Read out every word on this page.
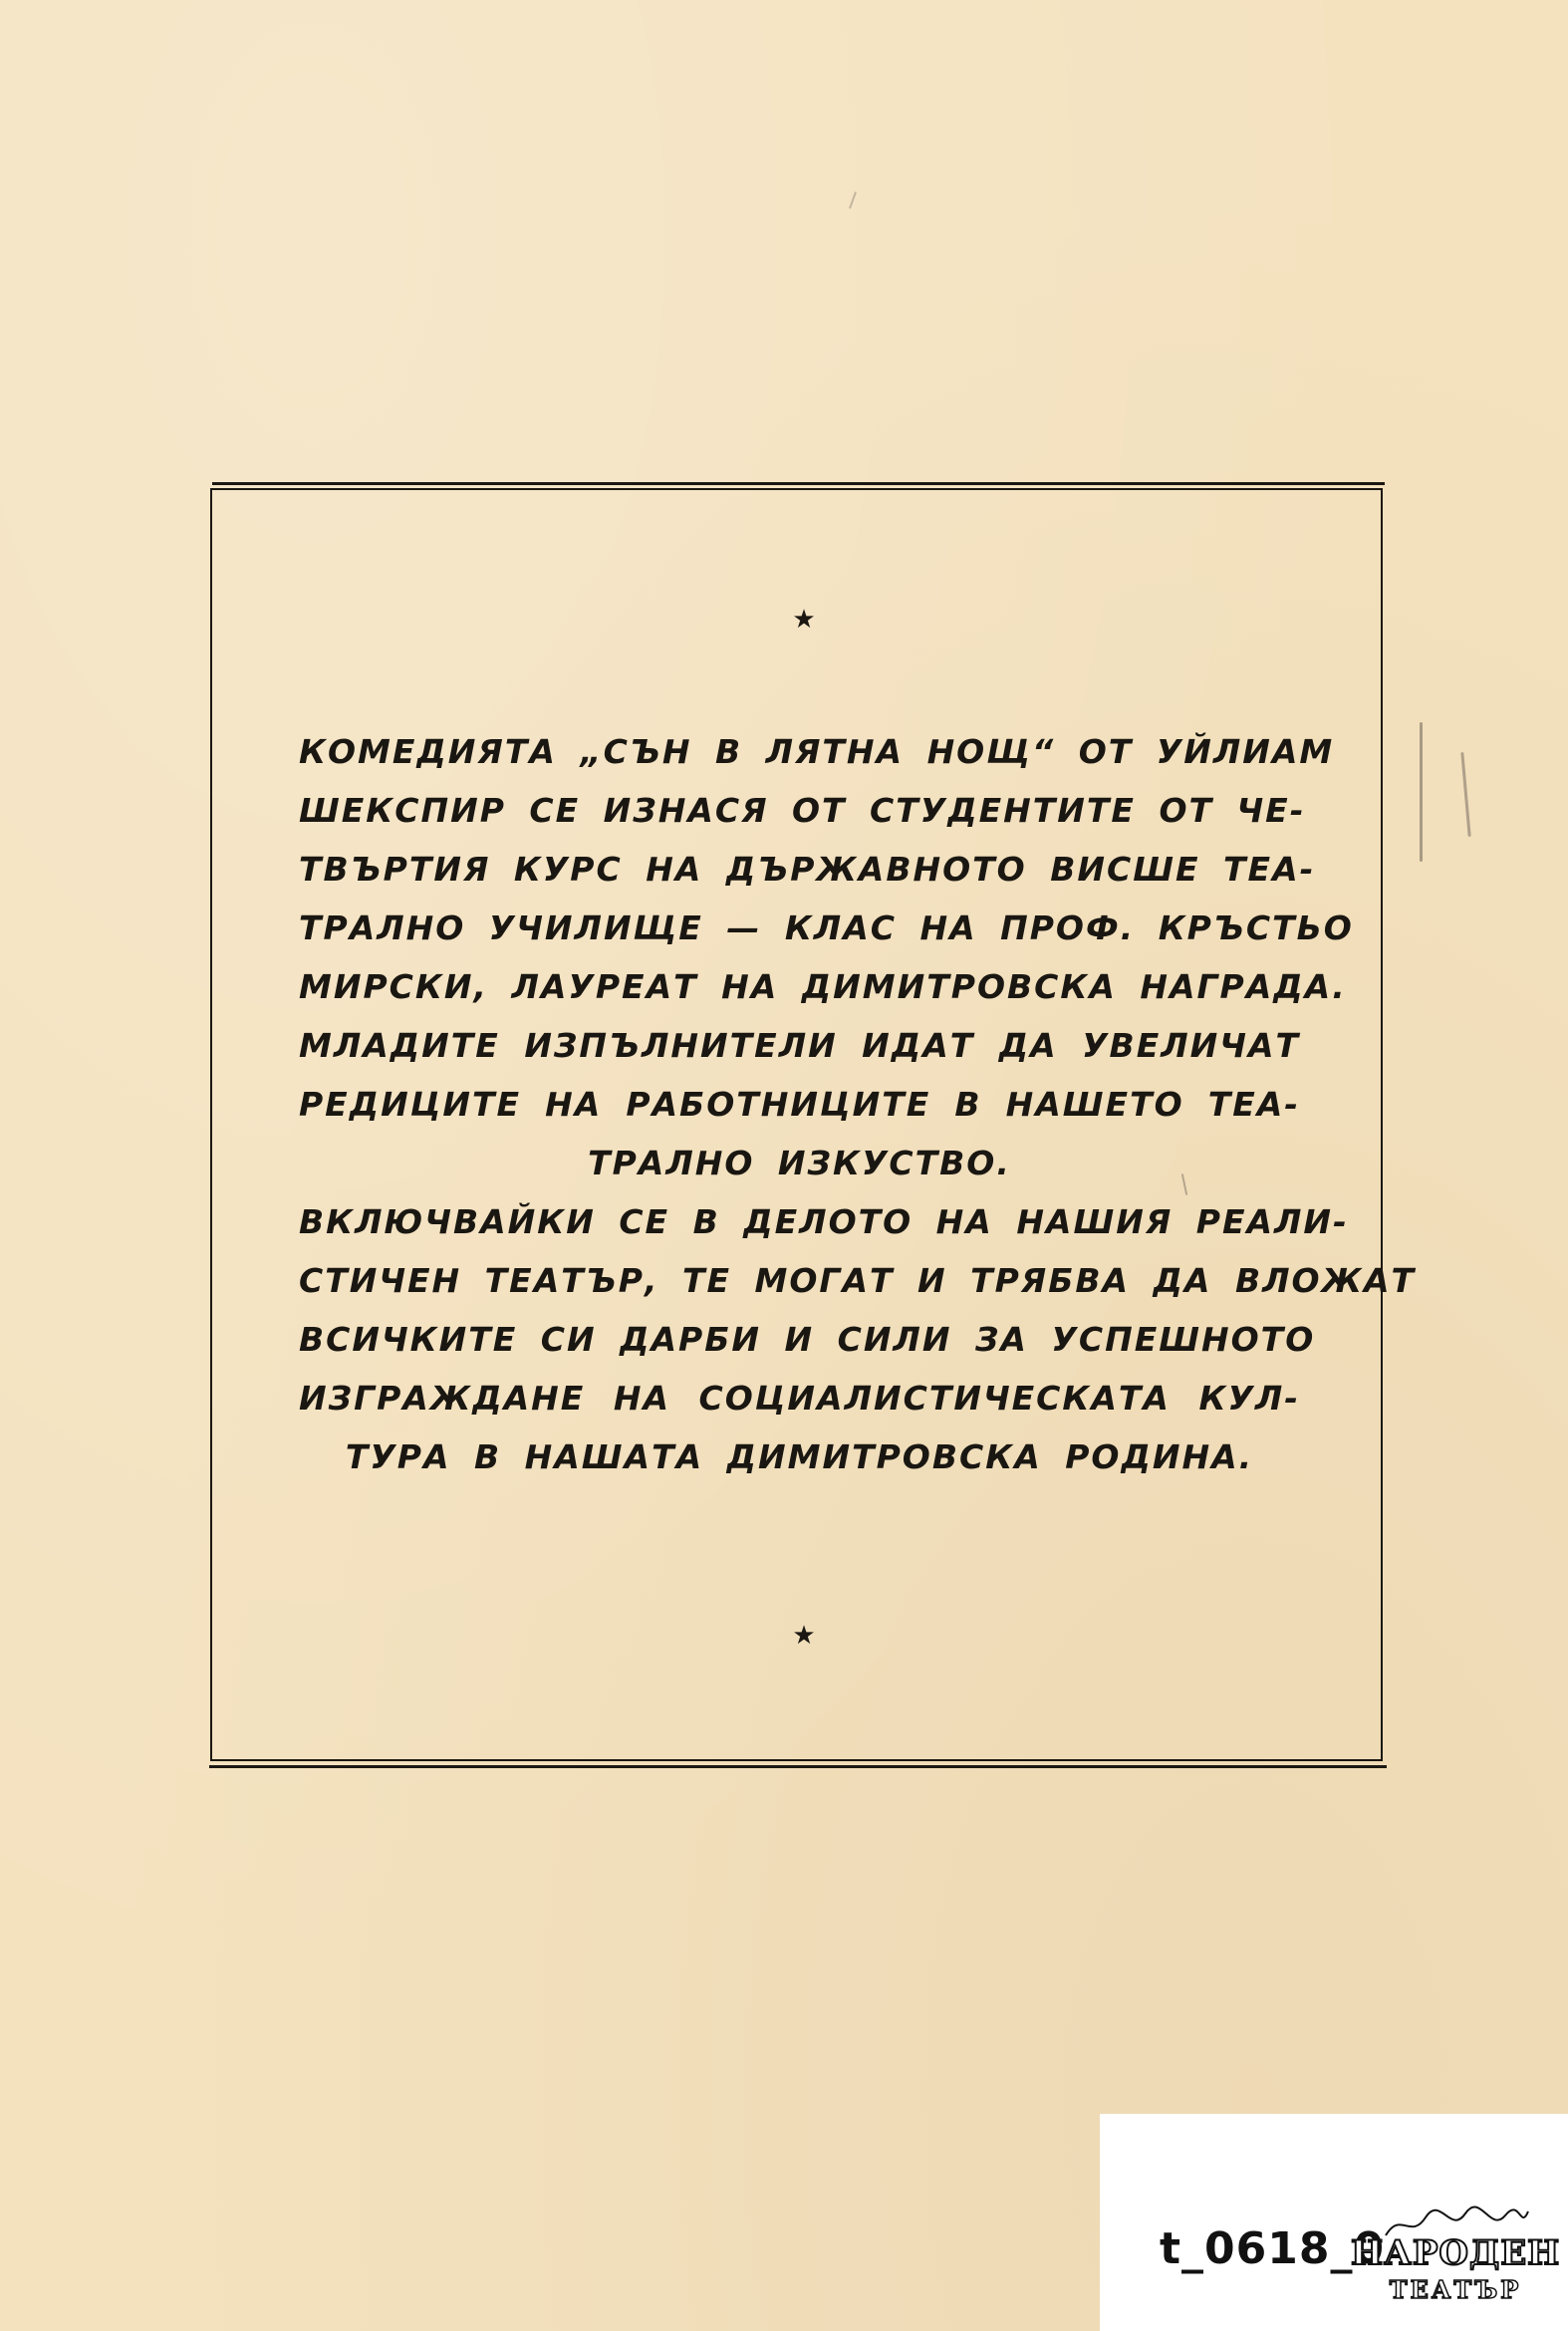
★
КОМЕДИЯТА „СЪН В ЛЯТНА НОЩ“ ОТ УЙЛИАМ
ШЕКСПИР СЕ ИЗНАСЯ ОТ СТУДЕНТИТЕ ОТ ЧЕ-
ТВЪРТИЯ КУРС НА ДЪРЖАВНОТО ВИСШЕ ТЕА-
ТРАЛНО УЧИЛИЩЕ — КЛАС НА ПРОФ. КРЪСТЬО
МИРСКИ, ЛАУРЕАТ НА ДИМИТРОВСКА НАГРАДА.
МЛАДИТЕ ИЗПЪЛНИТЕЛИ ИДАТ ДА УВЕЛИЧАТ
РЕДИЦИТЕ НА РАБОТНИЦИТЕ В НАШЕТО ТЕА-
ТРАЛНО ИЗКУСТВО.
ВКЛЮЧВАЙКИ СЕ В ДЕЛОТО НА НАШИЯ РЕАЛИ-
СТИЧЕН ТЕАТЪР, ТЕ МОГАТ И ТРЯБВА ДА ВЛОЖАТ
ВСИЧКИТЕ СИ ДАРБИ И СИЛИ ЗА УСПЕШНОТО
ИЗГРАЖДАНЕ НА СОЦИАЛИСТИЧЕСКАТА КУЛ-
ТУРА В НАШАТА ДИМИТРОВСКА РОДИНА.
★
t_0618_0
НАРОДЕН
ТЕАТЪР
